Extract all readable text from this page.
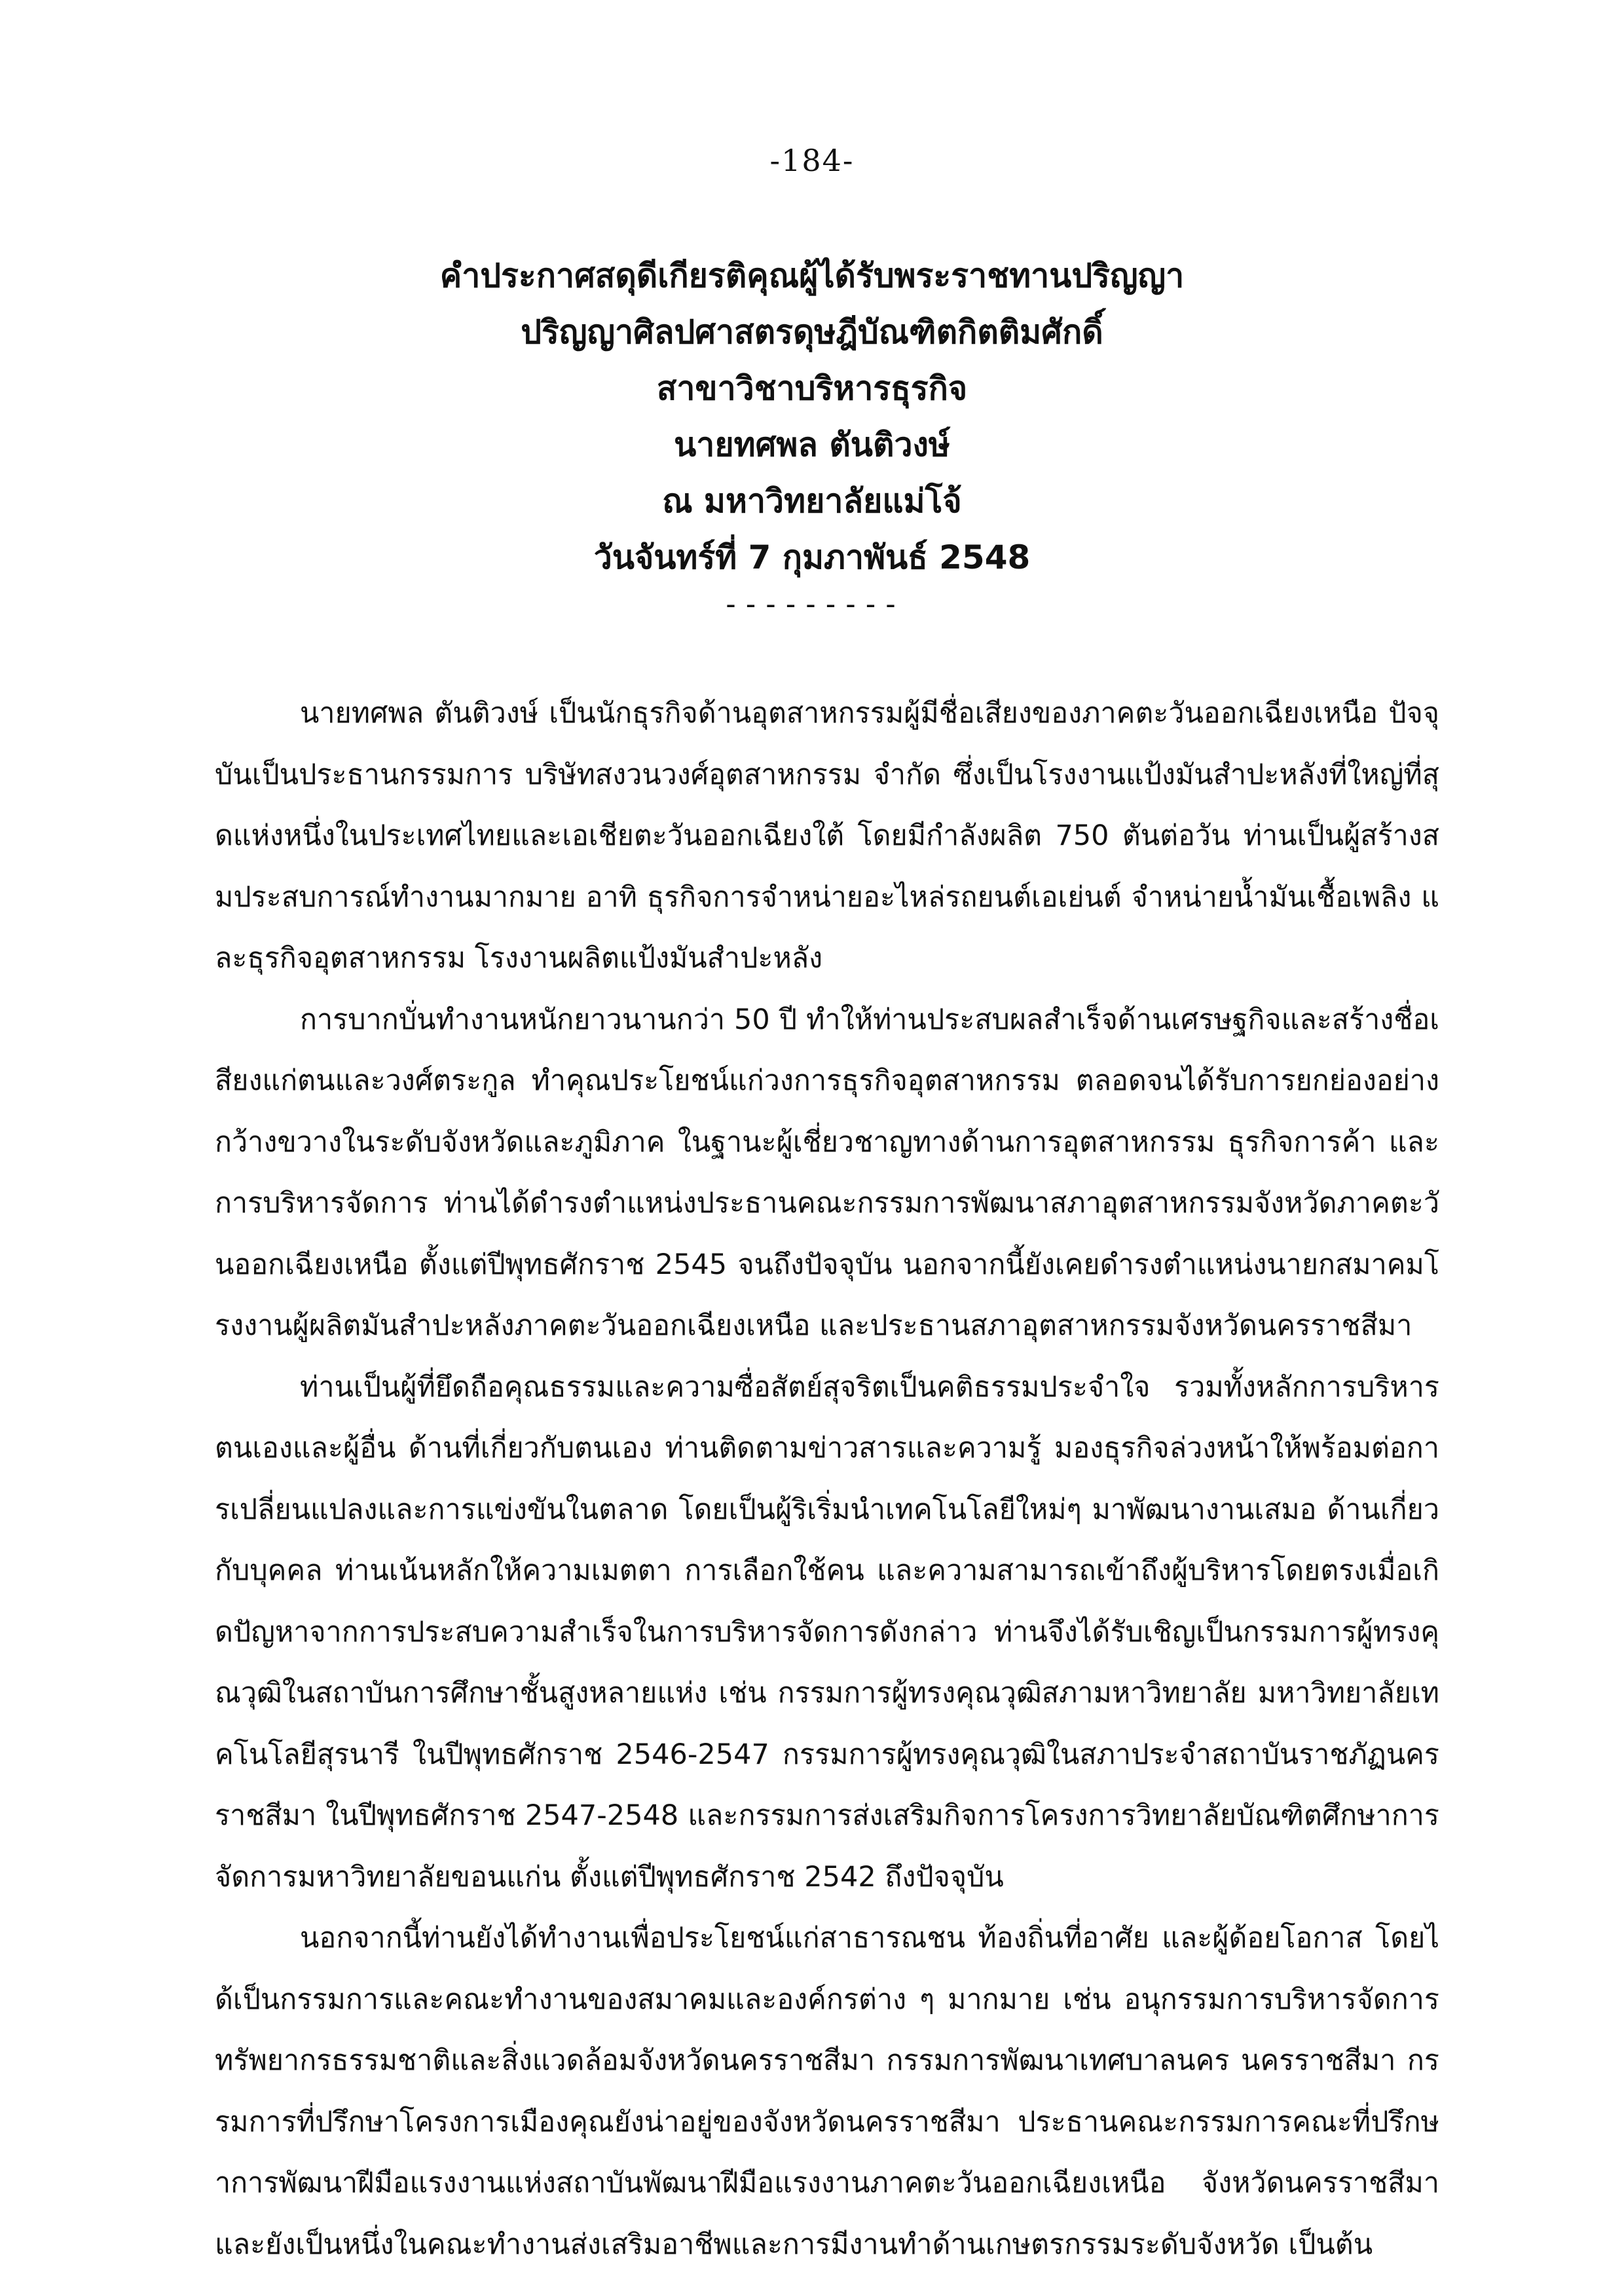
-184-
คำประกาศสดุดีเกียรติคุณผู้ได้รับพระราชทานปริญญา
ปริญญาศิลปศาสตรดุษฎีบัณฑิตกิตติมศักดิ์
สาขาวิชาบริหารธุรกิจ
นายทศพล ตันติวงษ์
ณ มหาวิทยาลัยแม่โจ้
วันจันทร์ที่ 7 กุมภาพันธ์ 2548
---------

นายทศพล ตันติวงษ์ เป็นนักธุรกิจด้านอุตสาหกรรมผู้มีชื่อเสียงของภาคตะวันออกเฉียงเหนือ ปัจจุบันเป็นประธานกรรมการ บริษัทสงวนวงศ์อุตสาหกรรม จำกัด ซึ่งเป็นโรงงานแป้งมันสำปะหลังที่ใหญ่ที่สุดแห่งหนึ่งในประเทศไทยและเอเชียตะวันออกเฉียงใต้ โดยมีกำลังผลิต 750 ตันต่อวัน ท่านเป็นผู้สร้างสมประสบการณ์ทำงานมากมาย อาทิ ธุรกิจการจำหน่ายอะไหล่รถยนต์เอเย่นต์ จำหน่ายน้ำมันเชื้อเพลิง และธุรกิจอุตสาหกรรม โรงงานผลิตแป้งมันสำปะหลัง

การบากบั่นทำงานหนักยาวนานกว่า 50 ปี ทำให้ท่านประสบผลสำเร็จด้านเศรษฐกิจและสร้างชื่อเสียงแก่ตนและวงศ์ตระกูล ทำคุณประโยชน์แก่วงการธุรกิจอุตสาหกรรม ตลอดจนได้รับการยกย่องอย่างกว้างขวางในระดับจังหวัดและภูมิภาค ในฐานะผู้เชี่ยวชาญทางด้านการอุตสาหกรรม ธุรกิจการค้า และการบริหารจัดการ ท่านได้ดำรงตำแหน่งประธานคณะกรรมการพัฒนาสภาอุตสาหกรรมจังหวัดภาคตะวันออกเฉียงเหนือ ตั้งแต่ปีพุทธศักราช 2545 จนถึงปัจจุบัน นอกจากนี้ยังเคยดำรงตำแหน่งนายกสมาคมโรงงานผู้ผลิตมันสำปะหลังภาคตะวันออกเฉียงเหนือ และประธานสภาอุตสาหกรรมจังหวัดนครราชสีมา

ท่านเป็นผู้ที่ยึดถือคุณธรรมและความซื่อสัตย์สุจริตเป็นคติธรรมประจำใจ รวมทั้งหลักการบริหารตนเองและผู้อื่น ด้านที่เกี่ยวกับตนเอง ท่านติดตามข่าวสารและความรู้ มองธุรกิจล่วงหน้าให้พร้อมต่อการเปลี่ยนแปลงและการแข่งขันในตลาด โดยเป็นผู้ริเริ่มนำเทคโนโลยีใหม่ๆ มาพัฒนางานเสมอ ด้านเกี่ยวกับบุคคล ท่านเน้นหลักให้ความเมตตา การเลือกใช้คน และความสามารถเข้าถึงผู้บริหารโดยตรงเมื่อเกิดปัญหาจากการประสบความสำเร็จในการบริหารจัดการดังกล่าว ท่านจึงได้รับเชิญเป็นกรรมการผู้ทรงคุณวุฒิในสถาบันการศึกษาชั้นสูงหลายแห่ง เช่น กรรมการผู้ทรงคุณวุฒิสภามหาวิทยาลัย มหาวิทยาลัยเทคโนโลยีสุรนารี ในปีพุทธศักราช 2546-2547 กรรมการผู้ทรงคุณวุฒิในสภาประจำสถาบันราชภัฏนครราชสีมา ในปีพุทธศักราช 2547-2548 และกรรมการส่งเสริมกิจการโครงการวิทยาลัยบัณฑิตศึกษาการจัดการมหาวิทยาลัยขอนแก่น ตั้งแต่ปีพุทธศักราช 2542 ถึงปัจจุบัน

นอกจากนี้ท่านยังได้ทำงานเพื่อประโยชน์แก่สาธารณชน ท้องถิ่นที่อาศัย และผู้ด้อยโอกาส โดยได้เป็นกรรมการและคณะทำงานของสมาคมและองค์กรต่าง ๆ มากมาย เช่น อนุกรรมการบริหารจัดการทรัพยากรธรรมชาติและสิ่งแวดล้อมจังหวัดนครราชสีมา กรรมการพัฒนาเทศบาลนคร นครราชสีมา กรรมการที่ปรึกษาโครงการเมืองคุณยังน่าอยู่ของจังหวัดนครราชสีมา ประธานคณะกรรมการคณะที่ปรึกษาการพัฒนาฝีมือแรงงานแห่งสถาบันพัฒนาฝีมือแรงงานภาคตะวันออกเฉียงเหนือ จังหวัดนครราชสีมา และยังเป็นหนึ่งในคณะทำงานส่งเสริมอาชีพและการมีงานทำด้านเกษตรกรรมระดับจังหวัด เป็นต้น
